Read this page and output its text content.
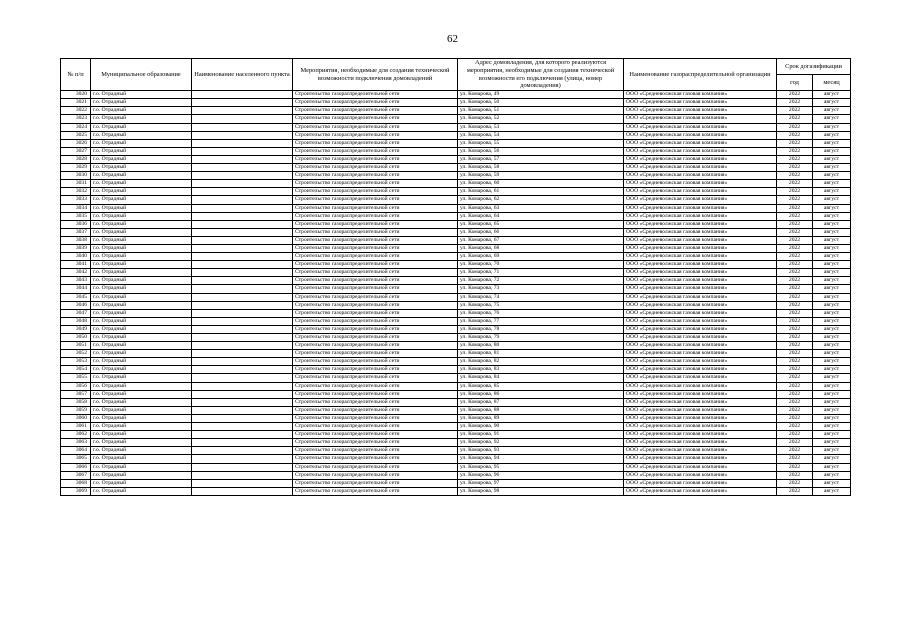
62
№ п/п	Муниципальное образование	Наименование населенного пункта	Мероприятия, необходимые для создания технической возможности подключения домовладений	Адрес домовладения, для которого реализуются мероприятия, необходимые для создания технической возможности его подключения (улица, номер домовладения)	Наименование газораспределительной организации	Срок догазификации	
						год	месяц
3020	г.о. Отрадный		Строительство газораспределительной сети	ул. Комарова, 49	ООО «Средневолжская газовая компания»	2022	август
3021	г.о. Отрадный		Строительство газораспределительной сети	ул. Комарова, 50	ООО «Средневолжская газовая компания»	2022	август
3022	г.о. Отрадный		Строительство газораспределительной сети	ул. Комарова, 51	ООО «Средневолжская газовая компания»	2022	август
3023	г.о. Отрадный		Строительство газораспределительной сети	ул. Комарова, 52	ООО «Средневолжская газовая компания»	2022	август
3024	г.о. Отрадный		Строительство газораспределительной сети	ул. Комарова, 53	ООО «Средневолжская газовая компания»	2022	август
3025	г.о. Отрадный		Строительство газораспределительной сети	ул. Комарова, 54	ООО «Средневолжская газовая компания»	2022	август
3026	г.о. Отрадный		Строительство газораспределительной сети	ул. Комарова, 55	ООО «Средневолжская газовая компания»	2022	август
3027	г.о. Отрадный		Строительство газораспределительной сети	ул. Комарова, 56	ООО «Средневолжская газовая компания»	2022	август
3028	г.о. Отрадный		Строительство газораспределительной сети	ул. Комарова, 57	ООО «Средневолжская газовая компания»	2022	август
3029	г.о. Отрадный		Строительство газораспределительной сети	ул. Комарова, 58	ООО «Средневолжская газовая компания»	2022	август
3030	г.о. Отрадный		Строительство газораспределительной сети	ул. Комарова, 59	ООО «Средневолжская газовая компания»	2022	август
3031	г.о. Отрадный		Строительство газораспределительной сети	ул. Комарова, 60	ООО «Средневолжская газовая компания»	2022	август
3032	г.о. Отрадный		Строительство газораспределительной сети	ул. Комарова, 61	ООО «Средневолжская газовая компания»	2022	август
3033	г.о. Отрадный		Строительство газораспределительной сети	ул. Комарова, 62	ООО «Средневолжская газовая компания»	2022	август
3034	г.о. Отрадный		Строительство газораспределительной сети	ул. Комарова, 63	ООО «Средневолжская газовая компания»	2022	август
3035	г.о. Отрадный		Строительство газораспределительной сети	ул. Комарова, 64	ООО «Средневолжская газовая компания»	2022	август
3036	г.о. Отрадный		Строительство газораспределительной сети	ул. Комарова, 65	ООО «Средневолжская газовая компания»	2022	август
3037	г.о. Отрадный		Строительство газораспределительной сети	ул. Комарова, 66	ООО «Средневолжская газовая компания»	2022	август
3038	г.о. Отрадный		Строительство газораспределительной сети	ул. Комарова, 67	ООО «Средневолжская газовая компания»	2022	август
3039	г.о. Отрадный		Строительство газораспределительной сети	ул. Комарова, 68	ООО «Средневолжская газовая компания»	2022	август
3040	г.о. Отрадный		Строительство газораспределительной сети	ул. Комарова, 69	ООО «Средневолжская газовая компания»	2022	август
3041	г.о. Отрадный		Строительство газораспределительной сети	ул. Комарова, 70	ООО «Средневолжская газовая компания»	2022	август
3042	г.о. Отрадный		Строительство газораспределительной сети	ул. Комарова, 71	ООО «Средневолжская газовая компания»	2022	август
3043	г.о. Отрадный		Строительство газораспределительной сети	ул. Комарова, 72	ООО «Средневолжская газовая компания»	2022	август
3044	г.о. Отрадный		Строительство газораспределительной сети	ул. Комарова, 73	ООО «Средневолжская газовая компания»	2022	август
3045	г.о. Отрадный		Строительство газораспределительной сети	ул. Комарова, 74	ООО «Средневолжская газовая компания»	2022	август
3046	г.о. Отрадный		Строительство газораспределительной сети	ул. Комарова, 75	ООО «Средневолжская газовая компания»	2022	август
3047	г.о. Отрадный		Строительство газораспределительной сети	ул. Комарова, 76	ООО «Средневолжская газовая компания»	2022	август
3048	г.о. Отрадный		Строительство газораспределительной сети	ул. Комарова, 77	ООО «Средневолжская газовая компания»	2022	август
3049	г.о. Отрадный		Строительство газораспределительной сети	ул. Комарова, 78	ООО «Средневолжская газовая компания»	2022	август
3050	г.о. Отрадный		Строительство газораспределительной сети	ул. Комарова, 79	ООО «Средневолжская газовая компания»	2022	август
3051	г.о. Отрадный		Строительство газораспределительной сети	ул. Комарова, 80	ООО «Средневолжская газовая компания»	2022	август
3052	г.о. Отрадный		Строительство газораспределительной сети	ул. Комарова, 81	ООО «Средневолжская газовая компания»	2022	август
3053	г.о. Отрадный		Строительство газораспределительной сети	ул. Комарова, 82	ООО «Средневолжская газовая компания»	2022	август
3054	г.о. Отрадный		Строительство газораспределительной сети	ул. Комарова, 83	ООО «Средневолжская газовая компания»	2022	август
3055	г.о. Отрадный		Строительство газораспределительной сети	ул. Комарова, 84	ООО «Средневолжская газовая компания»	2022	август
3056	г.о. Отрадный		Строительство газораспределительной сети	ул. Комарова, 85	ООО «Средневолжская газовая компания»	2022	август
3057	г.о. Отрадный		Строительство газораспределительной сети	ул. Комарова, 86	ООО «Средневолжская газовая компания»	2022	август
3058	г.о. Отрадный		Строительство газораспределительной сети	ул. Комарова, 87	ООО «Средневолжская газовая компания»	2022	август
3059	г.о. Отрадный		Строительство газораспределительной сети	ул. Комарова, 88	ООО «Средневолжская газовая компания»	2022	август
3060	г.о. Отрадный		Строительство газораспределительной сети	ул. Комарова, 89	ООО «Средневолжская газовая компания»	2022	август
3061	г.о. Отрадный		Строительство газораспределительной сети	ул. Комарова, 90	ООО «Средневолжская газовая компания»	2022	август
3062	г.о. Отрадный		Строительство газораспределительной сети	ул. Комарова, 91	ООО «Средневолжская газовая компания»	2022	август
3063	г.о. Отрадный		Строительство газораспределительной сети	ул. Комарова, 92	ООО «Средневолжская газовая компания»	2022	август
3064	г.о. Отрадный		Строительство газораспределительной сети	ул. Комарова, 93	ООО «Средневолжская газовая компания»	2022	август
3065	г.о. Отрадный		Строительство газораспределительной сети	ул. Комарова, 94	ООО «Средневолжская газовая компания»	2022	август
3066	г.о. Отрадный		Строительство газораспределительной сети	ул. Комарова, 95	ООО «Средневолжская газовая компания»	2022	август
3067	г.о. Отрадный		Строительство газораспределительной сети	ул. Комарова, 96	ООО «Средневолжская газовая компания»	2022	август
3068	г.о. Отрадный		Строительство газораспределительной сети	ул. Комарова, 97	ООО «Средневолжская газовая компания»	2022	август
3069	г.о. Отрадный		Строительство газораспределительной сети	ул. Комарова, 98	ООО «Средневолжская газовая компания»	2022	август
